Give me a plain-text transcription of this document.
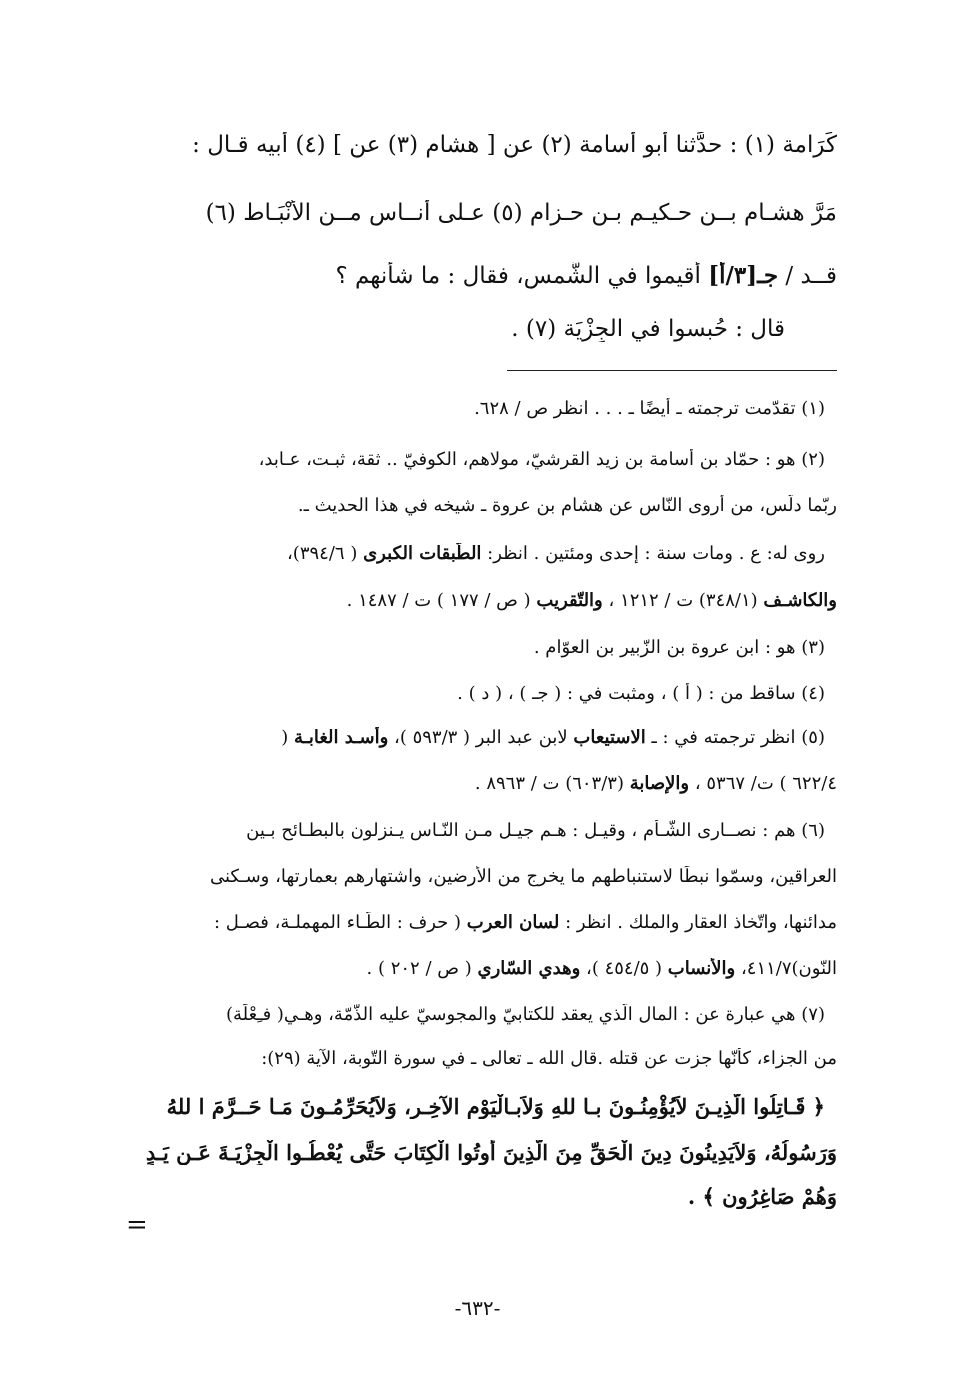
كَرَامة (١) : حدَّثنا أبو أُسامة (٢) عن [ هشام (٣) عن ] (٤) أبيه قـال :
مَرَّ هشـام بــن حـكيـم بـن حـزام (٥) عـلى أُنــاس مــن الأَنْبَـاط (٦)
قــد / جـ[٣/أ] أُقيموا في الشَّمس، فقال : ما شأنهم ؟
قال : حُبسوا في الجِزْيَة (٧) .
(١) تقدّمت ترجمته ـ أيضًا ـ . . . انظر ص / ٦٢٨.
(٢) هو : حمّاد بن أسامة بن زيد القرشيّ، مولاهم، الكوفيّ .. ثقة، ثبـت، عـابد،
ربّما دلّس، من أروى النّاس عن هشام بن عروة ـ شيخه في هذا الحديث ـ.
روى له: ع . ومات سنة : إحدى ومئتين . انظر: الطّبقات الكبرى ( ٣٩٤/٦)،
والكاشـف (٣٤٨/١) ت / ١٢١٢ ، والتّقريب ( ص / ١٧٧ ) ت / ١٤٨٧ .
(٣) هو : ابن عروة بن الزّبير بن العوّام .
(٤) ساقط من : ( أ ) ، ومثبت في : ( جـ ) ، ( د ) .
(٥) انظر ترجمته في : ـ الاستيعاب لابن عبد البر ( ٥٩٣/٣ )، وأسـد الغابـة (
٦٢٢/٤ ) ت/ ٥٣٦٧ ، والإصابة (٦٠٣/٣) ت / ٨٩٦٣ .
(٦) هم : نصــارى الشّـأم ، وقيـل : هـم جيـل مـن النّـاس يـنزلون بالبطـائح بـين
العراقين، وسمّوا نبطًا لاستنباطهم ما يخرج من الأرضين، واشتهارهم بعمارتها، وسـكنى
مدائنها، واتّخاذ العقار والملك . انظر : لسان العرب ( حرف : الطّـاء المهملـة، فصـل :
النّون)٤١١/٧، والأنساب ( ٤٥٤/٥ )، وهدي السّاري ( ص / ٢٠٢ ) .
(٧) هي عبارة عن : المال الّذي يعقد للكتابيّ والمجوسيّ عليه الذّمّة، وهـي( فـِعْلَة)
من الجزاء، كأنّها جزت عن قتله .قال الله ـ تعالى ـ في سورة التّوبة، الآية (٢٩):
﴿ قَـاتِلُوا الَّذِيـنَ لاَيُؤْمِنُـونَ بـا للهِ وَلاَبـالْيَوْمِ الآخِـرِ، وَلاَيُحَرِّمُـونَ مَـا حَــرَّمَ ا للهُ
وَرَسُولُهُ، وَلاَيَدِينُونَ دِينَ الْحَقِّ مِنَ الَّذِينَ أُوتُوا الْكِتَابَ حَتَّى يُعْطُـوا الْجِزْيَـةَ عَـن يَـدٍ
وَهُمْ صَاغِرُون ﴾ .
=
-٦٣٢-
